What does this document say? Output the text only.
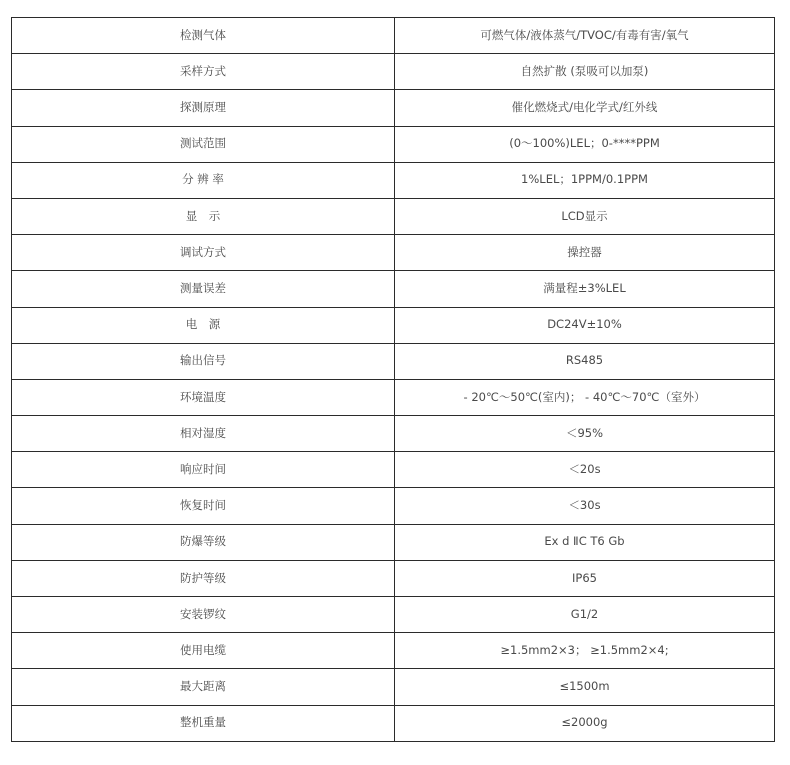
检测气体	可燃气体/液体蒸气/TVOC/有毒有害/氧气
采样方式	自然扩散 (泵吸可以加泵)
探测原理	催化燃烧式/电化学式/红外线
测试范围	(0～100%)LEL；0-****PPM
分 辨 率	1%LEL；1PPM/0.1PPM
显　示	LCD显示
调试方式	操控器
测量误差	满量程±3%LEL
电　源	DC24V±10%
输出信号	RS485
环境温度	- 20℃～50℃(室内)； - 40℃～70℃（室外）
相对湿度	＜95%
响应时间	＜20s
恢复时间	＜30s
防爆等级	Ex d ⅡC T6 Gb
防护等级	IP65
安装锣纹	G1/2
使用电缆	≥1.5mm2×3； ≥1.5mm2×4;
最大距离	≤1500m
整机重量	≤2000g
